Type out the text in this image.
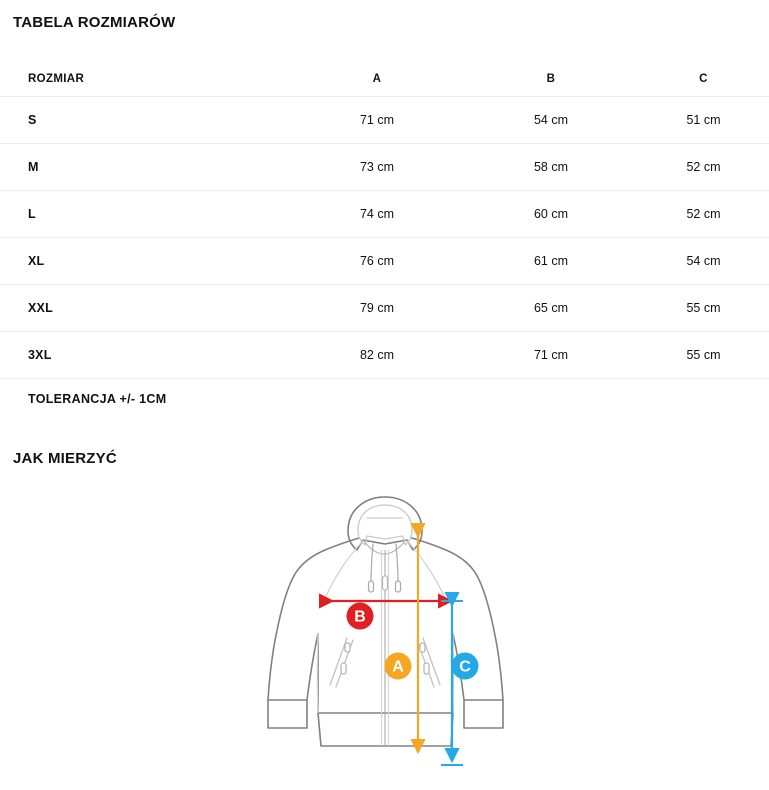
TABELA ROZMIARÓW
ROZMIAR	A	B	C
S	71 cm	54 cm	51 cm
M	73 cm	58 cm	52 cm
L	74 cm	60 cm	52 cm
XL	76 cm	61 cm	54 cm
XXL	79 cm	65 cm	55 cm
3XL	82 cm	71 cm	55 cm
TOLERANCJA +/- 1CM			
JAK MIERZYĆ
B
A	C
